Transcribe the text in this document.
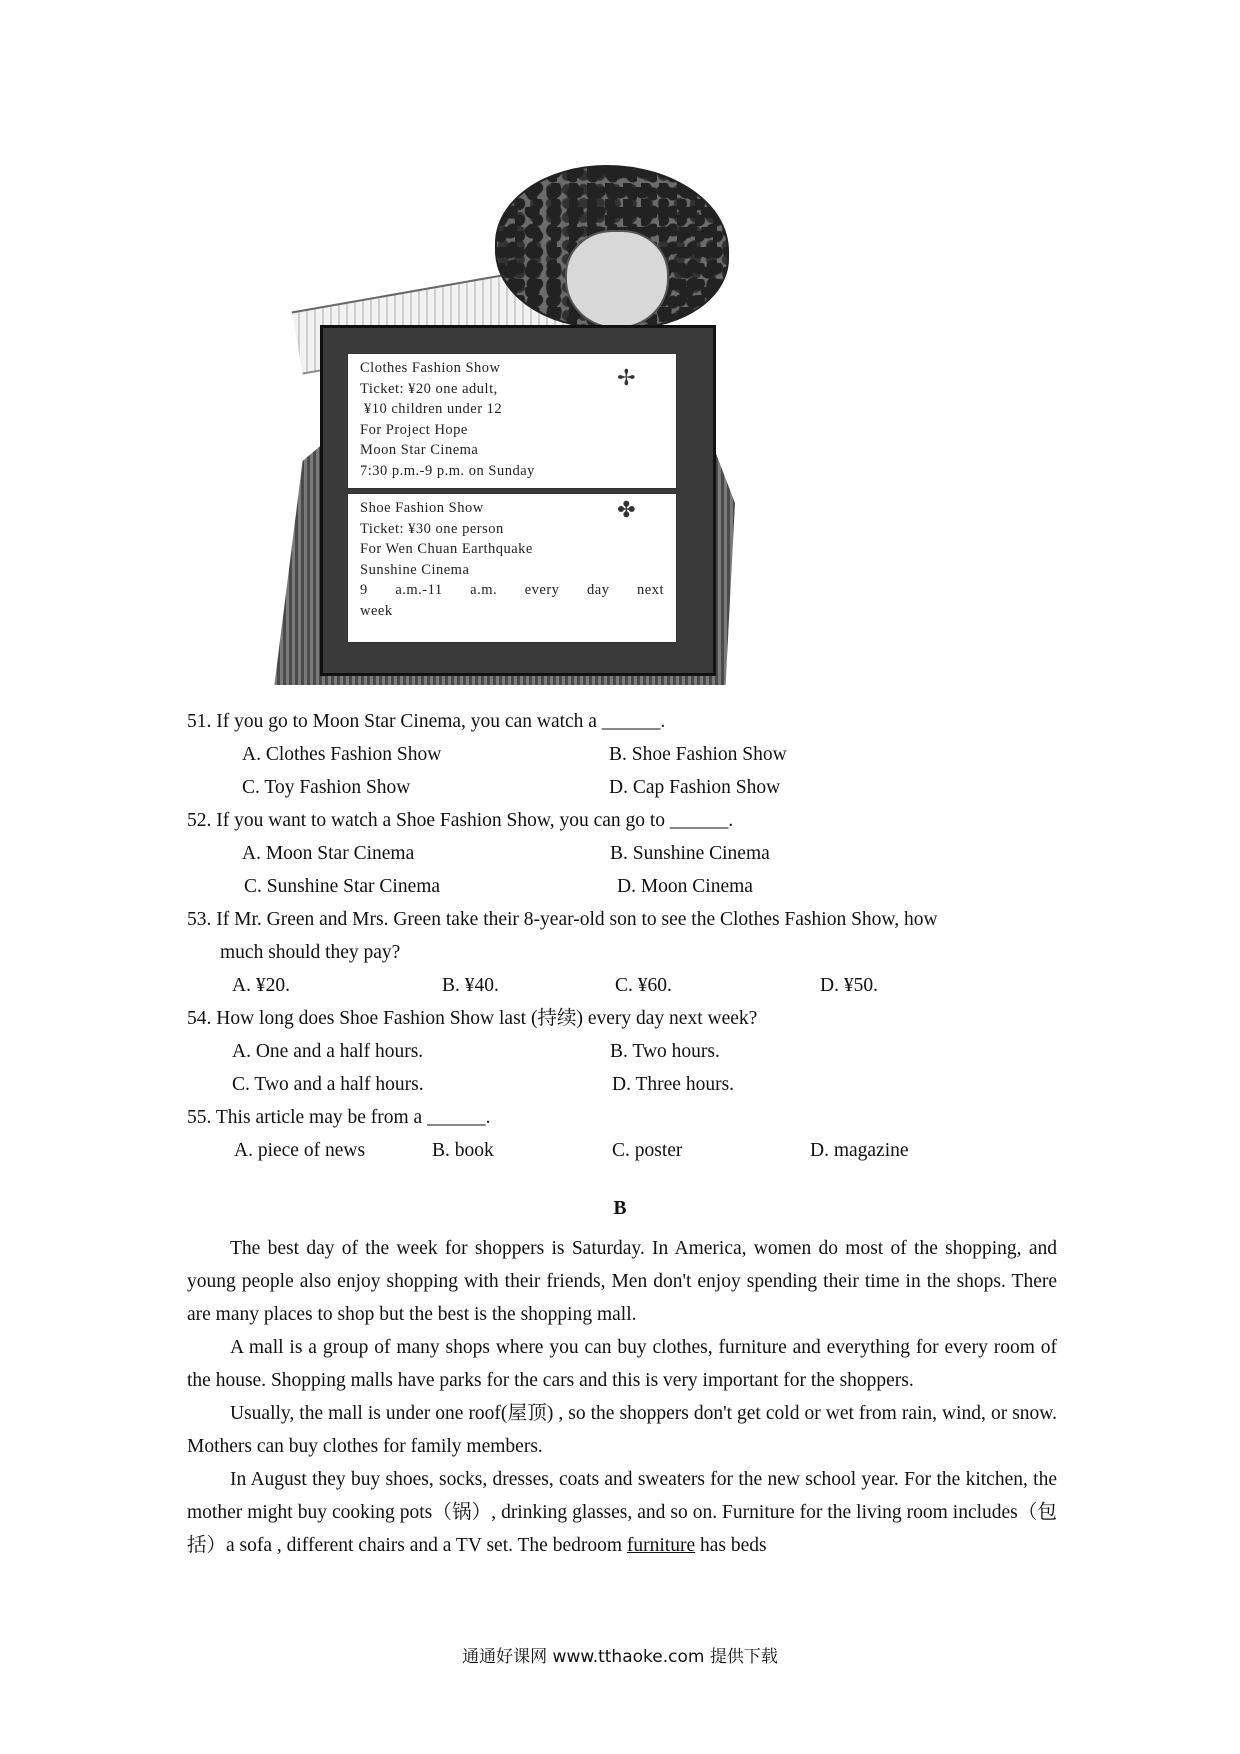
Clothes Fashion Show
Ticket: ¥20 one adult,
¥10 children under 12
For Project Hope
Moon Star Cinema
7:30 p.m.-9 p.m. on Sunday
✢
Shoe Fashion Show
Ticket: ¥30 one person
For Wen Chuan Earthquake
Sunshine Cinema
9 a.m.-11 a.m. every day next
week
✤
51. If you go to Moon Star Cinema, you can watch a ______.
A. Clothes Fashion Show	B. Shoe Fashion Show
C. Toy Fashion Show	D. Cap Fashion Show
52. If you want to watch a Shoe Fashion Show, you can go to ______.
A. Moon Star Cinema	B. Sunshine Cinema
C. Sunshine Star Cinema	D. Moon Cinema
53. If Mr. Green and Mrs. Green take their 8-year-old son to see the Clothes Fashion Show, how
much should they pay?
A. ¥20.	B. ¥40.	C. ¥60.	D. ¥50.
54. How long does Shoe Fashion Show last (持续) every day next week?
A. One and a half hours.	B. Two hours.
C. Two and a half hours.	D. Three hours.
55. This article may be from a ______.
A. piece of news	B. book	C. poster	D. magazine
B

The best day of the week for shoppers is Saturday. In America, women do most of the shopping, and young people also enjoy shopping with their friends, Men don't enjoy spending their time in the shops. There are many places to shop but the best is the shopping mall.

A mall is a group of many shops where you can buy clothes, furniture and everything for every room of the house. Shopping malls have parks for the cars and this is very important for the shoppers.

Usually, the mall is under one roof(屋顶) , so the shoppers don't get cold or wet from rain, wind, or snow. Mothers can buy clothes for family members.

In August they buy shoes, socks, dresses, coats and sweaters for the new school year. For the kitchen, the mother might buy cooking pots（锅）, drinking glasses, and so on. Furniture for the living room includes（包括）a sofa , different chairs and a TV set. The bedroom furniture has beds

通通好课网 www.tthaoke.com 提供下载
